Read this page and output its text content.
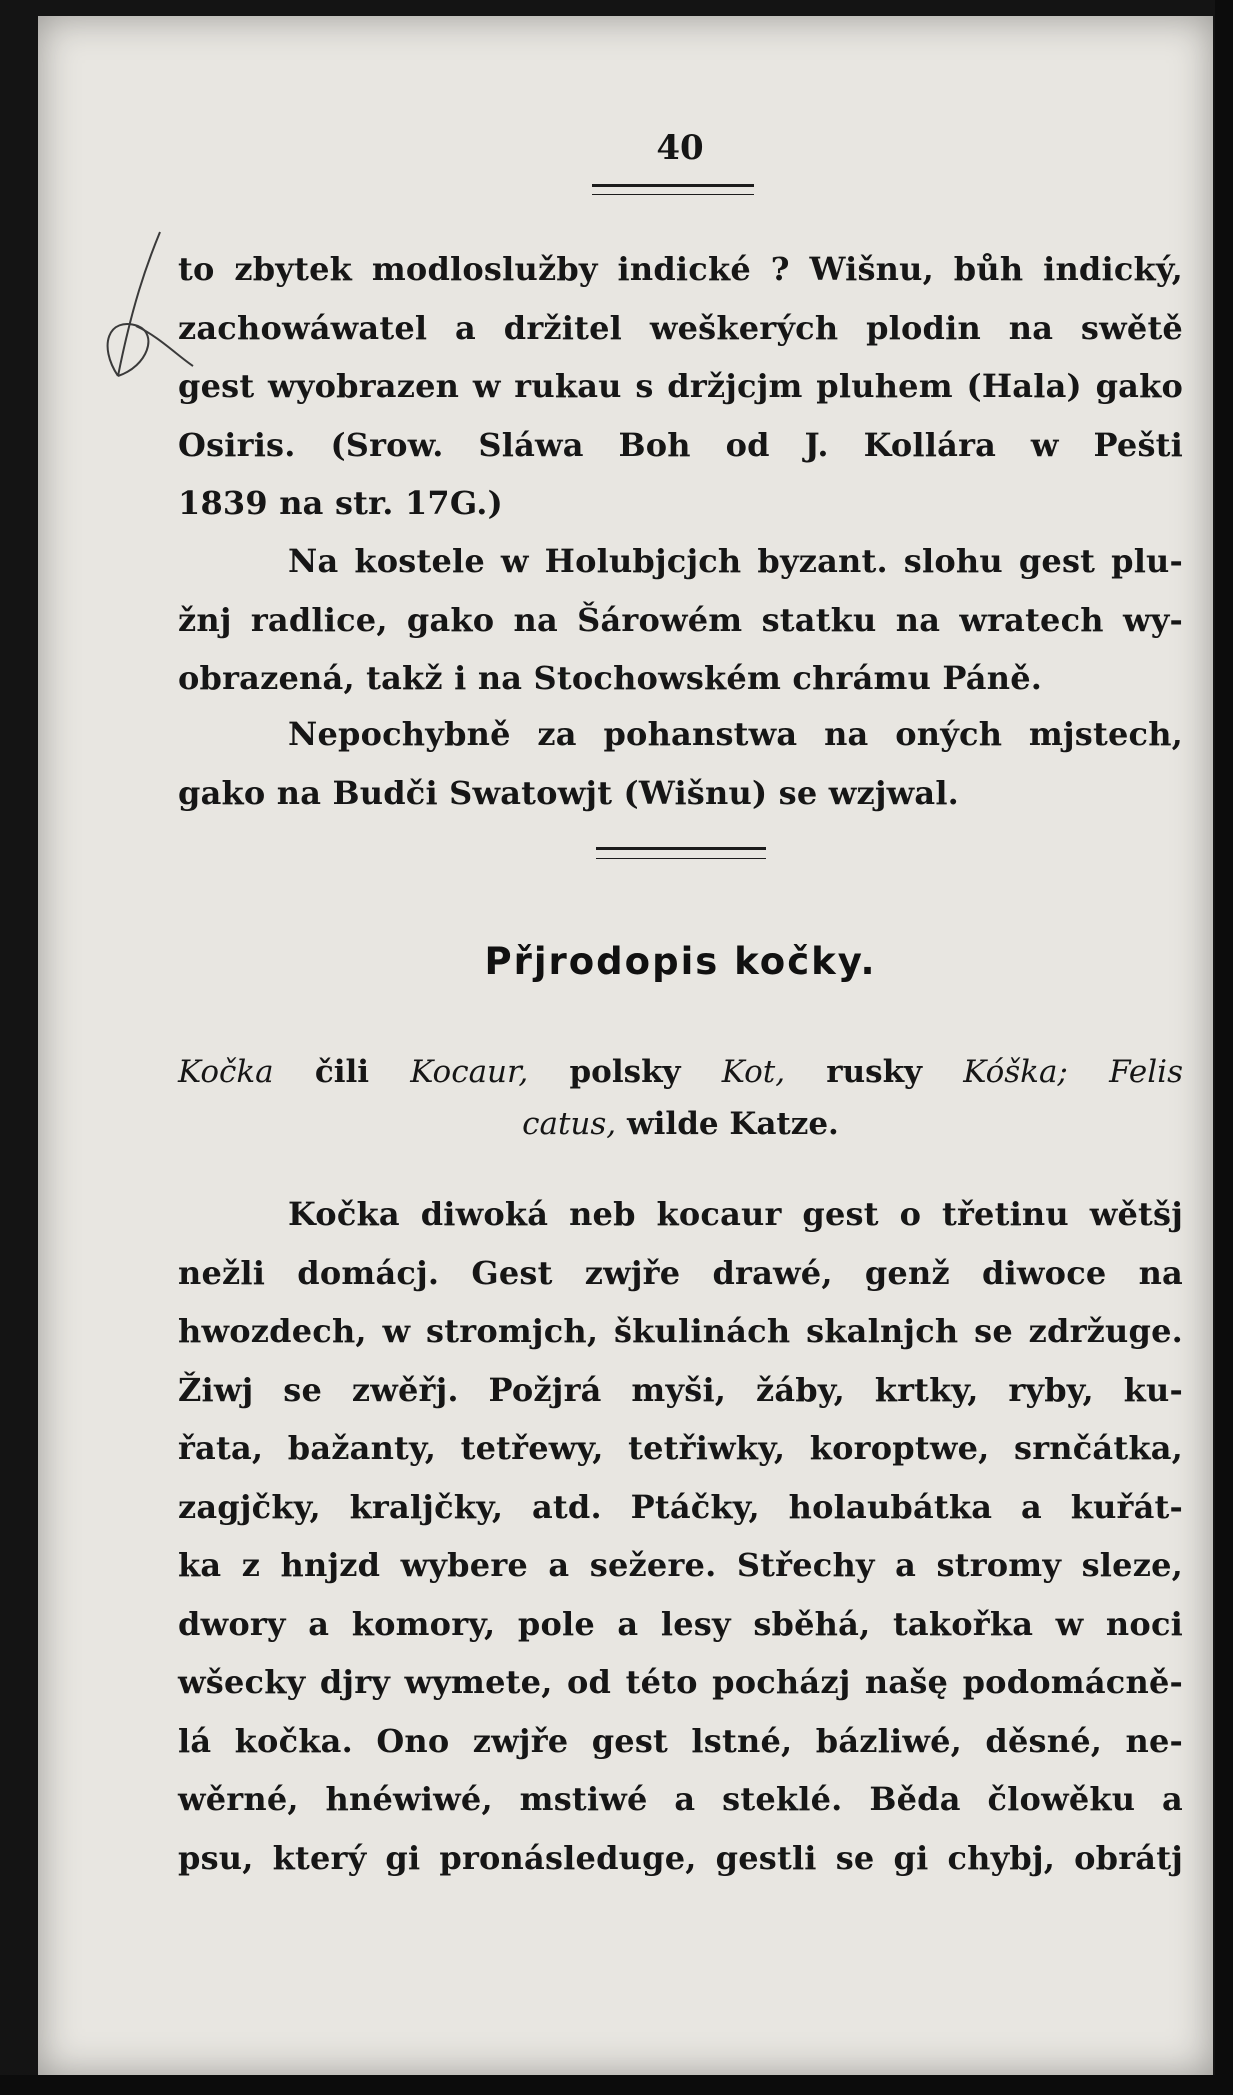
40
to zbytek modloslužby indické ? Wišnu, bůh indický,
zachowáwatel a držitel weškerých plodin na swětě
gest wyobrazen w rukau s držjcjm pluhem (Hala) gako
Osiris. (Srow. Sláwa Boh od J. Kollára w Pešti
1839 na str. 17G.)
Na kostele w Holubjcjch byzant. slohu gest plu-
žnj radlice, gako na Šárowém statku na wratech wy-
obrazená, takž i na Stochowském chrámu Páně.
Nepochybně za pohanstwa na oných mjstech,
gako na Budči Swatowjt (Wišnu) se wzjwal.
Přjrodopis kočky.
Kočka čili Kocaur, polsky Kot, rusky Kóška; Felis
catus, wilde Katze.
Kočka diwoká neb kocaur gest o třetinu wětšj
nežli domácj. Gest zwjře drawé, genž diwoce na
hwozdech, w stromjch, škulinách skalnjch se zdržuge.
Žiwj se zwěřj. Požjrá myši, žáby, krtky, ryby, ku-
řata, bažanty, tetřewy, tetřiwky, koroptwe, srnčátka,
zagjčky, kraljčky, atd. Ptáčky, holaubátka a kuřát-
ka z hnjzd wybere a sežere. Střechy a stromy sleze,
dwory a komory, pole a lesy sběhá, takořka w noci
wšecky djry wymete, od této pocházj našę podomácně-
lá kočka. Ono zwjře gest lstné, bázliwé, děsné, ne-
wěrné, hnéwiwé, mstiwé a steklé. Běda člowěku a
psu, který gi pronásleduge, gestli se gi chybj, obrátj
